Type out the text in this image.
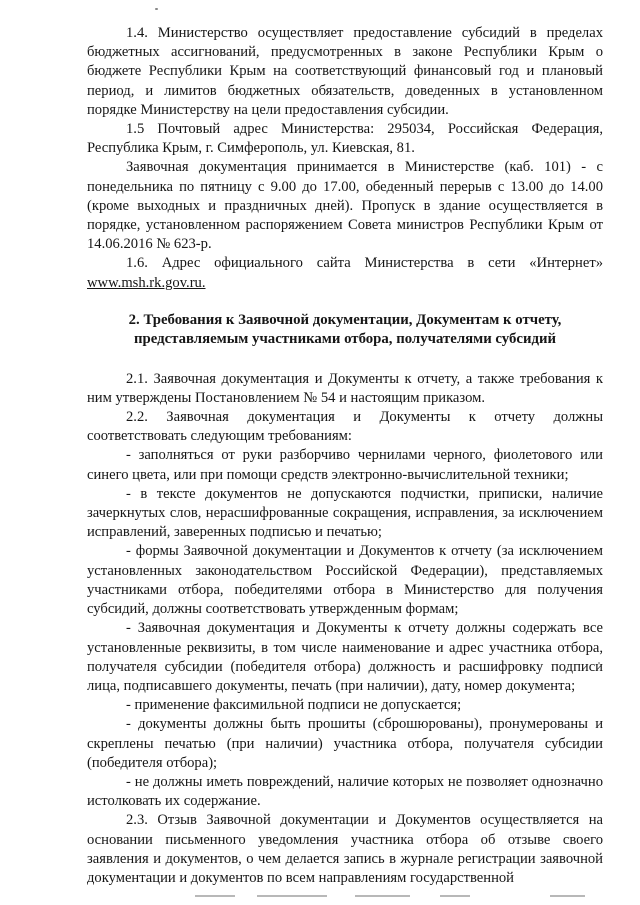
1.4. Министерство осуществляет предоставление субсидий в пределах бюджетных ассигнований, предусмотренных в законе Республики Крым о бюджете Республики Крым на соответствующий финансовый год и плановый период, и лимитов бюджетных обязательств, доведенных в установленном порядке Министерству на цели предоставления субсидии.

1.5 Почтовый адрес Министерства: 295034, Российская Федерация, Республика Крым, г. Симферополь, ул. Киевская, 81.

Заявочная документация принимается в Министерстве (каб. 101) - с понедельника по пятницу с 9.00 до 17.00, обеденный перерыв с 13.00 до 14.00 (кроме выходных и праздничных дней). Пропуск в здание осуществляется в порядке, установленном распоряжением Совета министров Республики Крым от 14.06.2016 № 623-р.

1.6. Адрес официального сайта Министерства в сети «Интернет» www.msh.rk.gov.ru.

2. Требования к Заявочной документации, Документам к отчету,
представляемым участниками отбора, получателями субсидий

2.1. Заявочная документация и Документы к отчету, а также требования к ним утверждены Постановлением № 54 и настоящим приказом.

2.2. Заявочная документация и Документы к отчету должны соответствовать следующим требованиям:

- заполняться от руки разборчиво чернилами черного, фиолетового или синего цвета, или при помощи средств электронно-вычислительной техники;

- в тексте документов не допускаются подчистки, приписки, наличие зачеркнутых слов, нерасшифрованные сокращения, исправления, за исключением исправлений, заверенных подписью и печатью;

- формы Заявочной документации и Документов к отчету (за исключением установленных законодательством Российской Федерации), представляемых участниками отбора, победителями отбора в Министерство для получения субсидий, должны соответствовать утвержденным формам;

- Заявочная документация и Документы к отчету должны содержать все установленные реквизиты, в том числе наименование и адрес участника отбора, получателя субсидии (победителя отбора) должность и расшифровку подписи лица, подписавшего документы, печать (при наличии), дату, номер документа;

- применение факсимильной подписи не допускается;

- документы должны быть прошиты (сброшюрованы), пронумерованы и скреплены печатью (при наличии) участника отбора, получателя субсидии (победителя отбора);

- не должны иметь повреждений, наличие которых не позволяет однозначно истолковать их содержание.

2.3. Отзыв Заявочной документации и Документов осуществляется на основании письменного уведомления участника отбора об отзыве своего заявления и документов, о чем делается запись в журнале регистрации заявочной документации и документов по всем направлениям государственной
